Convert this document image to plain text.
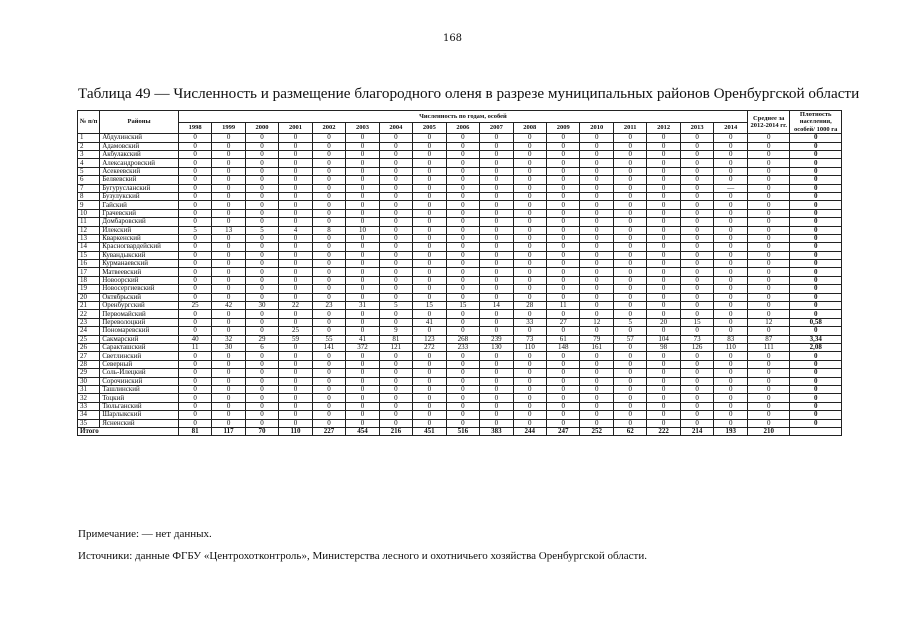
168
Таблица 49 — Численность и размещение благородного оленя в разрезе муниципальных районов Оренбургской области
№ п/п	Районы	Численность по годам, особей																	Среднее за 2012-2014 гг.	Плотность населения, особей/ 1000 га
		1998	1999	2000	2001	2002	2003	2004	2005	2006	2007	2008	2009	2010	2011	2012	2013	2014		
1	Абдулинский	0	0	0	0	0	0	0	0	0	0	0	0	0	0	0	0	0	0	0
2	Адамовский	0	0	0	0	0	0	0	0	0	0	0	0	0	0	0	0	0	0	0
3	Акбулакский	0	0	0	0	0	0	0	0	0	0	0	0	0	0	0	0	0	0	0
4	Александровский	0	0	0	0	0	0	0	0	0	0	0	0	0	0	0	0	0	0	0
5	Асекеевский	0	0	0	0	0	0	0	0	0	0	0	0	0	0	0	0	0	0	0
6	Беляевский	0	0	0	0	0	0	0	0	0	0	0	0	0	0	0	0	0	0	0
7	Бугурусланский	0	0	0	0	0	0	0	0	0	0	0	0	0	0	0	0	—	0	0
8	Бузулукский	0	0	0	0	0	0	0	0	0	0	0	0	0	0	0	0	0	0	0
9	Гайский	0	0	0	0	0	0	0	0	0	0	0	0	0	0	0	0	0	0	0
10	Грачевский	0	0	0	0	0	0	0	0	0	0	0	0	0	0	0	0	0	0	0
11	Домбаровский	0	0	0	0	0	0	0	0	0	0	0	0	0	0	0	0	0	0	0
12	Илекский	5	13	5	4	8	10	0	0	0	0	0	0	0	0	0	0	0	0	0
13	Кваркенский	0	0	0	0	0	0	0	0	0	0	0	0	0	0	0	0	0	0	0
14	Красногвардейский	0	0	0	0	0	0	0	0	0	0	0	0	0	0	0	0	0	0	0
15	Кувандыкский	0	0	0	0	0	0	0	0	0	0	0	0	0	0	0	0	0	0	0
16	Курманаевский	0	0	0	0	0	0	0	0	0	0	0	0	0	0	0	0	0	0	0
17	Матвеевский	0	0	0	0	0	0	0	0	0	0	0	0	0	0	0	0	0	0	0
18	Новоорский	0	0	0	0	0	0	0	0	0	0	0	0	0	0	0	0	0	0	0
19	Новосергиевский	0	0	0	0	0	0	0	0	0	0	0	0	0	0	0	0	0	0	0
20	Октябрьский	0	0	0	0	0	0	0	0	0	0	0	0	0	0	0	0	0	0	0
21	Оренбургский	25	42	30	22	23	31	5	15	15	14	28	11	0	0	0	0	0	0	0
22	Первомайский	0	0	0	0	0	0	0	0	0	0	0	0	0	0	0	0	0	0	0
23	Переволоцкий	0	0	0	0	0	0	0	41	0	0	33	27	12	5	20	15	0	12	0,58
24	Пономаревский	0	0	0	25	0	0	9	0	0	0	0	0	0	0	0	0	0	0	0
25	Сакмарский	40	32	29	59	55	41	81	123	268	239	73	61	79	57	104	73	83	87	3,34
26	Саракташский	11	30	6	0	141	372	121	272	233	130	110	148	161	0	98	126	110	111	2,08
27	Светлинский	0	0	0	0	0	0	0	0	0	0	0	0	0	0	0	0	0	0	0
28	Северный	0	0	0	0	0	0	0	0	0	0	0	0	0	0	0	0	0	0	0
29	Соль-Илецкий	0	0	0	0	0	0	0	0	0	0	0	0	0	0	0	0	0	0	0
30	Сорочинский	0	0	0	0	0	0	0	0	0	0	0	0	0	0	0	0	0	0	0
31	Ташлинский	0	0	0	0	0	0	0	0	0	0	0	0	0	0	0	0	0	0	0
32	Тоцкий	0	0	0	0	0	0	0	0	0	0	0	0	0	0	0	0	0	0	0
33	Тюльганский	0	0	0	0	0	0	0	0	0	0	0	0	0	0	0	0	0	0	0
34	Шарлыкский	0	0	0	0	0	0	0	0	0	0	0	0	0	0	0	0	0	0	0
35	Ясненский	0	0	0	0	0	0	0	0	0	0	0	0	0	0	0	0	0	0	0
Итого		81	117	70	110	227	454	216	451	516	383	244	247	252	62	222	214	193	210	
Примечание: — нет данных.
Источники: данные ФГБУ «Центрохотконтроль», Министерства лесного и охотничьего хозяйства Оренбургской области.
